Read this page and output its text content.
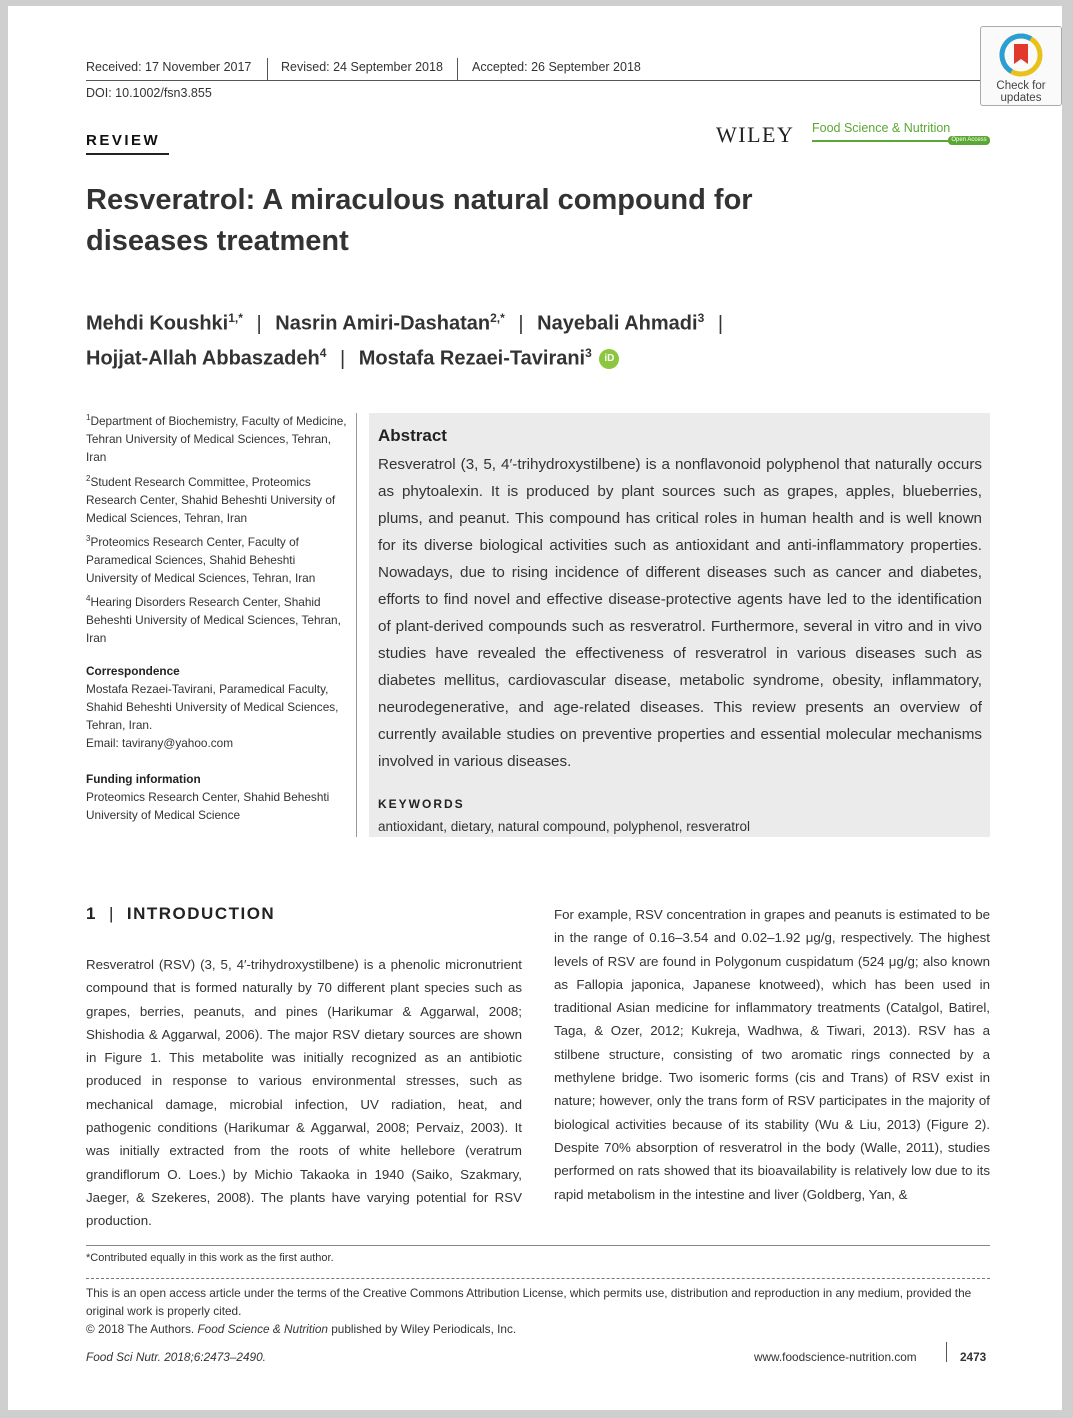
Received: 17 November 2017 Revised: 24 September 2018 Accepted: 26 September 2018
DOI: 10.1002/fsn3.855	Check for
updates
REVIEW	WILEY Food Science & Nutrition
Open Access
Resveratrol: A miraculous natural compound for diseases treatment
Mehdi Koushki$^{1,*}$ | Nasrin Amiri-Dashatan$^{2,*}$ | Nayebali Ahmadi$^3$ |
Hojjat-Allah Abbaszadeh$^4$ | Mostafa Rezaei-Tavirani$^3$ iD
$^1$Department of Biochemistry, Faculty of Medicine, Tehran University of Medical Sciences, Tehran, Iran
$^2$Student Research Committee, Proteomics Research Center, Shahid Beheshti University of Medical Sciences, Tehran, Iran
$^3$Proteomics Research Center, Faculty of Paramedical Sciences, Shahid Beheshti University of Medical Sciences, Tehran, Iran
$^4$Hearing Disorders Research Center, Shahid Beheshti University of Medical Sciences, Tehran, Iran
Correspondence
Mostafa Rezaei-Tavirani, Paramedical Faculty, Shahid Beheshti University of Medical Sciences, Tehran, Iran.
Email: tavirany@yahoo.com
Funding information
Proteomics Research Center, Shahid Beheshti University of Medical Science
Abstract
Resveratrol (3, 5, 4′-trihydroxystilbene) is a nonflavonoid polyphenol that naturally occurs as phytoalexin. It is produced by plant sources such as grapes, apples, blueberries, plums, and peanut. This compound has critical roles in human health and is well known for its diverse biological activities such as antioxidant and anti-inflammatory properties. Nowadays, due to rising incidence of different diseases such as cancer and diabetes, efforts to find novel and effective disease-protective agents have led to the identification of plant-derived compounds such as resveratrol. Furthermore, several in vitro and in vivo studies have revealed the effectiveness of resveratrol in various diseases such as diabetes mellitus, cardiovascular disease, metabolic syndrome, obesity, inflammatory, neurodegenerative, and age-related diseases. This review presents an overview of currently available studies on preventive properties and essential molecular mechanisms involved in various diseases.
KEYWORDS
antioxidant, dietary, natural compound, polyphenol, resveratrol
1 | INTRODUCTION
Resveratrol (RSV) (3, 5, 4′-trihydroxystilbene) is a phenolic micronutrient compound that is formed naturally by 70 different plant species such as grapes, berries, peanuts, and pines (Harikumar & Aggarwal, 2008; Shishodia & Aggarwal, 2006). The major RSV dietary sources are shown in Figure 1. This metabolite was initially recognized as an antibiotic produced in response to various environmental stresses, such as mechanical damage, microbial infection, UV radiation, heat, and pathogenic conditions (Harikumar & Aggarwal, 2008; Pervaiz, 2003). It was initially extracted from the roots of white hellebore (veratrum grandiflorum O. Loes.) by Michio Takaoka in 1940 (Saiko, Szakmary, Jaeger, & Szekeres, 2008). The plants have varying potential for RSV production.
For example, RSV concentration in grapes and peanuts is estimated to be in the range of 0.16–3.54 and 0.02–1.92 μg/g, respectively. The highest levels of RSV are found in Polygonum cuspidatum (524 μg/g; also known as Fallopia japonica, Japanese knotweed), which has been used in traditional Asian medicine for inflammatory treatments (Catalgol, Batirel, Taga, & Ozer, 2012; Kukreja, Wadhwa, & Tiwari, 2013). RSV has a stilbene structure, consisting of two aromatic rings connected by a methylene bridge. Two isomeric forms (cis and Trans) of RSV exist in nature; however, only the trans form of RSV participates in the majority of biological activities because of its stability (Wu & Liu, 2013) (Figure 2). Despite 70% absorption of resveratrol in the body (Walle, 2011), studies performed on rats showed that its bioavailability is relatively low due to its rapid metabolism in the intestine and liver (Goldberg, Yan, &
*Contributed equally in this work as the first author.
This is an open access article under the terms of the Creative Commons Attribution License, which permits use, distribution and reproduction in any medium, provided the original work is properly cited.
© 2018 The Authors. Food Science & Nutrition published by Wiley Periodicals, Inc.
Food Sci Nutr. 2018;6:2473–2490.	www.foodscience-nutrition.com	2473
